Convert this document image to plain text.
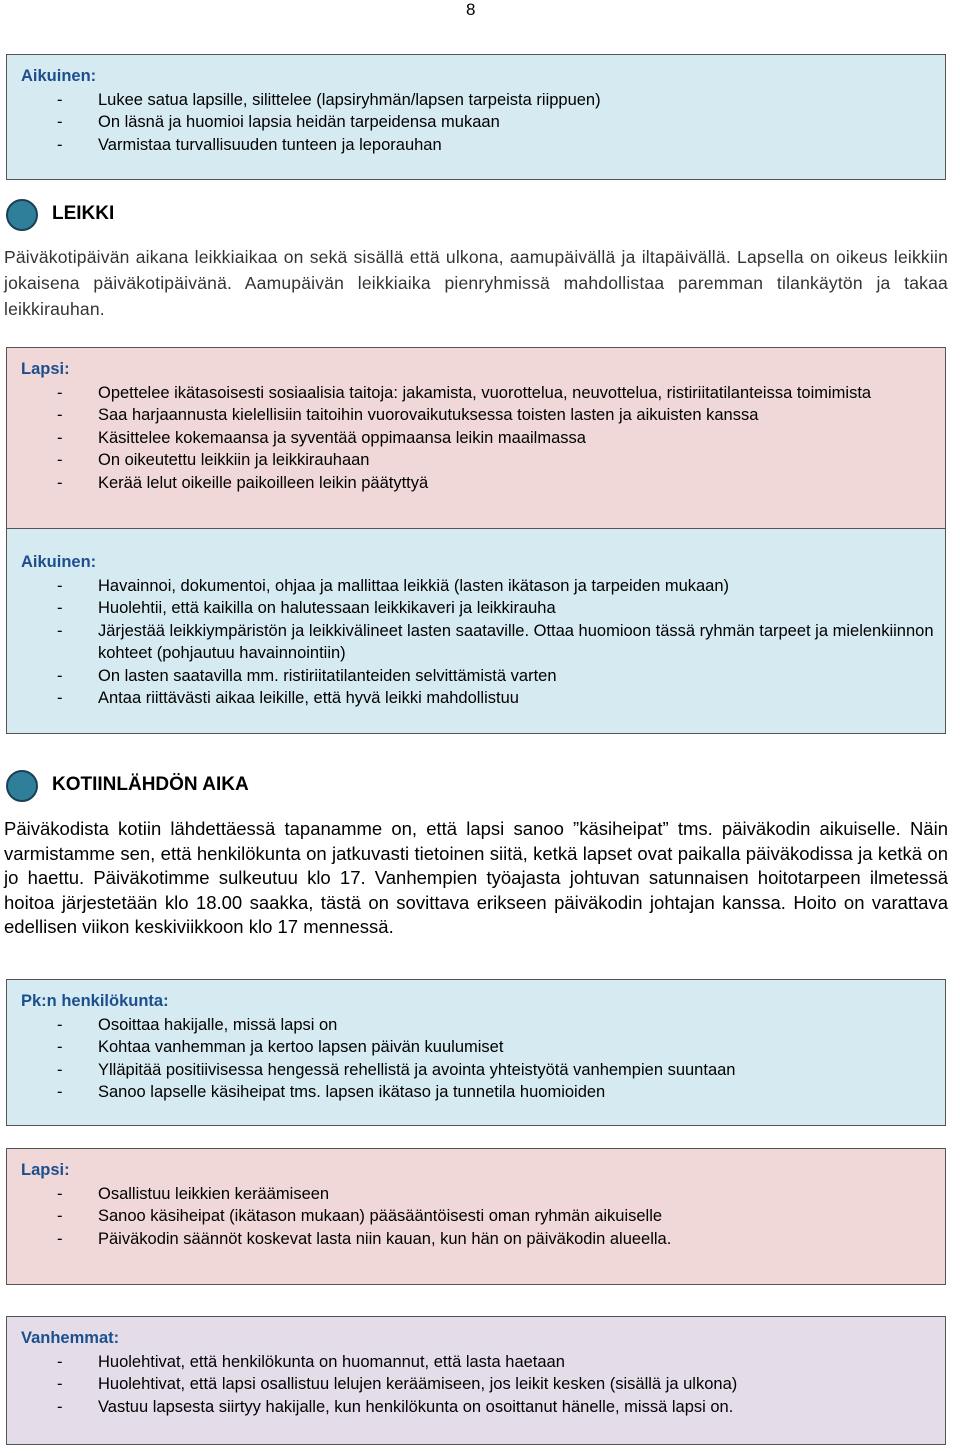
8
Aikuinen:
- Lukee satua lapsille, silittelee (lapsiryhmän/lapsen tarpeista riippuen)
- On läsnä ja huomioi lapsia heidän tarpeidensa mukaan
- Varmistaa turvallisuuden tunteen ja leporauhan
LEIKKI
Päiväkotipäivän aikana leikkiaikaa on sekä sisällä että ulkona, aamupäivällä ja iltapäivällä. Lapsella on oikeus leikkiin jokaisena päiväkotipäivänä. Aamupäivän leikkiaika pienryhmissä mahdollistaa paremman tilankäytön ja takaa leikkirauhan.
Lapsi:
- Opettelee ikätasoisesti sosiaalisia taitoja: jakamista, vuorottelua, neuvottelua, ristiriitatilanteissa toimimista
- Saa harjaannusta kielellisiin taitoihin vuorovaikutuksessa toisten lasten ja aikuisten kanssa
- Käsittelee kokemaansa ja syventää oppimaansa leikin maailmassa
- On oikeutettu leikkiin ja leikkirauhaan
- Kerää lelut oikeille paikoilleen leikin päätyttyä
Aikuinen:
- Havainnoi, dokumentoi, ohjaa ja mallittaa leikkiä (lasten ikätason ja tarpeiden mukaan)
- Huolehtii, että kaikilla on halutessaan leikkikaveri ja leikkirauha
- Järjestää leikkiympäristön ja leikkivälineet lasten saataville. Ottaa huomioon tässä ryhmän tarpeet ja mielenkiinnon kohteet (pohjautuu havainnointiin)
- On lasten saatavilla mm. ristiriitatilanteiden selvittämistä varten
- Antaa riittävästi aikaa leikille, että hyvä leikki mahdollistuu
KOTIINLÄHDÖN AIKA
Päiväkodista kotiin lähdettäessä tapanamme on, että lapsi sanoo ”käsiheipat” tms. päiväkodin aikuiselle. Näin varmistamme sen, että henkilökunta on jatkuvasti tietoinen siitä, ketkä lapset ovat paikalla päiväkodissa ja ketkä on jo haettu. Päiväkotimme sulkeutuu klo 17. Vanhempien työajasta johtuvan satunnaisen hoitotarpeen ilmetessä hoitoa järjestetään klo 18.00 saakka, tästä on sovittava erikseen päiväkodin johtajan kanssa. Hoito on varattava edellisen viikon keskiviikkoon klo 17 mennessä.
Pk:n henkilökunta:
- Osoittaa hakijalle, missä lapsi on
- Kohtaa vanhemman ja kertoo lapsen päivän kuulumiset
- Ylläpitää positiivisessa hengessä rehellistä ja avointa yhteistyötä vanhempien suuntaan
- Sanoo lapselle käsiheipat tms. lapsen ikätaso ja tunnetila huomioiden
Lapsi:
- Osallistuu leikkien keräämiseen
- Sanoo käsiheipat (ikätason mukaan) pääsääntöisesti oman ryhmän aikuiselle
- Päiväkodin säännöt koskevat lasta niin kauan, kun hän on päiväkodin alueella.
Vanhemmat:
- Huolehtivat, että henkilökunta on huomannut, että lasta haetaan
- Huolehtivat, että lapsi osallistuu lelujen keräämiseen, jos leikit kesken (sisällä ja ulkona)
- Vastuu lapsesta siirtyy hakijalle, kun henkilökunta on osoittanut hänelle, missä lapsi on.
